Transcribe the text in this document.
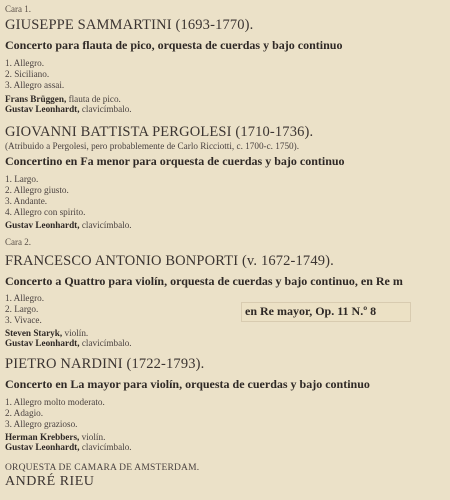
Cara 1.
GIUSEPPE SAMMARTINI (1693-1770).
Concerto para flauta de pico, orquesta de cuerdas y bajo continuo
1. Allegro.
2. Siciliano.
3. Allegro assai.
Frans Brüggen, flauta de pico.
Gustav Leonhardt, clavicímbalo.
GIOVANNI BATTISTA PERGOLESI (1710-1736).
(Atribuido a Pergolesi, pero probablemente de Carlo Ricciotti, c. 1700-c. 1750).
Concertino en Fa menor para orquesta de cuerdas y bajo continuo
1. Largo.
2. Allegro giusto.
3. Andante.
4. Allegro con spirito.
Gustav Leonhardt, clavicímbalo.
Cara 2.
FRANCESCO ANTONIO BONPORTI (v. 1672-1749).
Concerto a Quattro para violín, orquesta de cuerdas y bajo continuo, en Re m
en Re mayor, Op. 11 N.º 8
1. Allegro.
2. Largo.
3. Vivace.
Steven Staryk, violín.
Gustav Leonhardt, clavicímbalo.
PIETRO NARDINI (1722-1793).
Concerto en La mayor para violín, orquesta de cuerdas y bajo continuo
1. Allegro molto moderato.
2. Adagio.
3. Allegro grazioso.
Herman Krebbers, violín.
Gustav Leonhardt, clavicímbalo.
ORQUESTA DE CAMARA DE AMSTERDAM.
ANDRÉ RIEU
